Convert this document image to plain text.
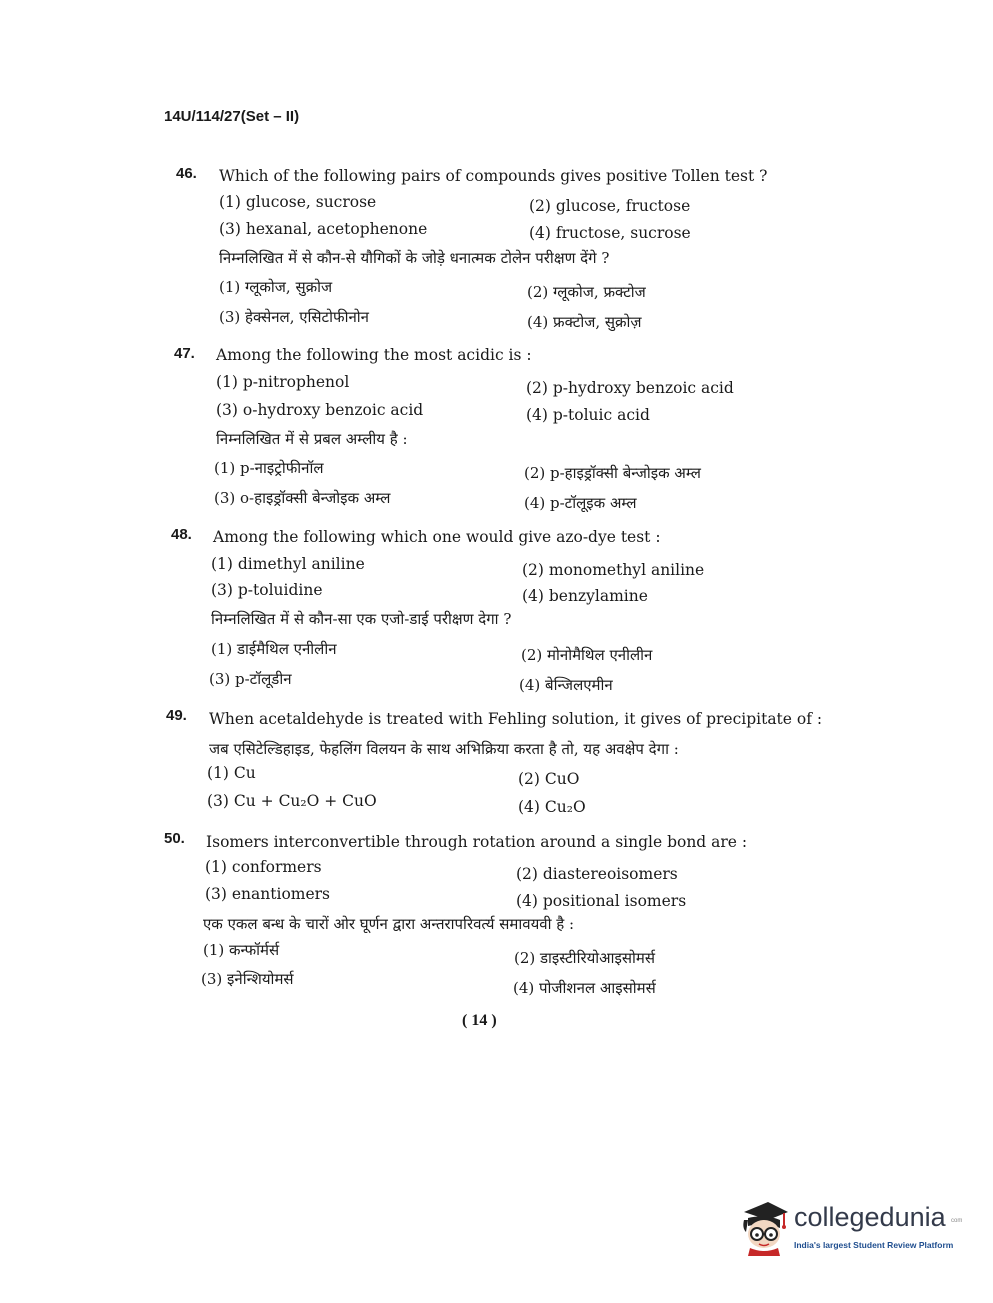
14U/114/27(Set – II)
46. Which of the following pairs of compounds gives positive Tollen test ?
(1) glucose, sucrose	(2) glucose, fructose
(3) hexanal, acetophenone	(4) fructose, sucrose
निम्नलिखित में से कौन-से यौगिकों के जोड़े धनात्मक टोलेन परीक्षण देंगे ?
(1) ग्लूकोज, सुक्रोज	(2) ग्लूकोज, फ्रक्टोज
(3) हेक्सेनल, एसिटोफीनोन	(4) फ्रक्टोज, सुक्रोज़
47. Among the following the most acidic is :
(1) p-nitrophenol	(2) p-hydroxy benzoic acid
(3) o-hydroxy benzoic acid	(4) p-toluic acid
निम्नलिखित में से प्रबल अम्लीय है :
(1) p-नाइट्रोफीनॉल	(2) p-हाइड्रॉक्सी बेन्जोइक अम्ल
(3) o-हाइड्रॉक्सी बेन्जोइक अम्ल	(4) p-टॉलूइक अम्ल
48. Among the following which one would give azo-dye test :
(1) dimethyl aniline	(2) monomethyl aniline
(3) p-toluidine	(4) benzylamine
निम्नलिखित में से कौन-सा एक एजो-डाई परीक्षण देगा ?
(1) डाईमैथिल एनीलीन	(2) मोनोमैथिल एनीलीन
(3) p-टॉलूडीन	(4) बेन्जिलएमीन
49. When acetaldehyde is treated with Fehling solution, it gives of precipitate of :
जब एसिटेल्डिहाइड, फेहलिंग विलयन के साथ अभिक्रिया करता है तो, यह अवक्षेप देगा :
(1) Cu	(2) CuO
(3) Cu + Cu₂O + CuO	(4) Cu₂O
50. Isomers interconvertible through rotation around a single bond are :
(1) conformers	(2) diastereoisomers
(3) enantiomers	(4) positional isomers
एक एकल बन्ध के चारों ओर घूर्णन द्वारा अन्तरापरिवर्त्य समावयवी है :
(1) कन्फॉर्मर्स	(2) डाइस्टीरियोआइसोमर्स
(3) इनेन्शियोमर्स	(4) पोजीशनल आइसोमर्स
( 14 )
collegedunia com
India's largest Student Review Platform
